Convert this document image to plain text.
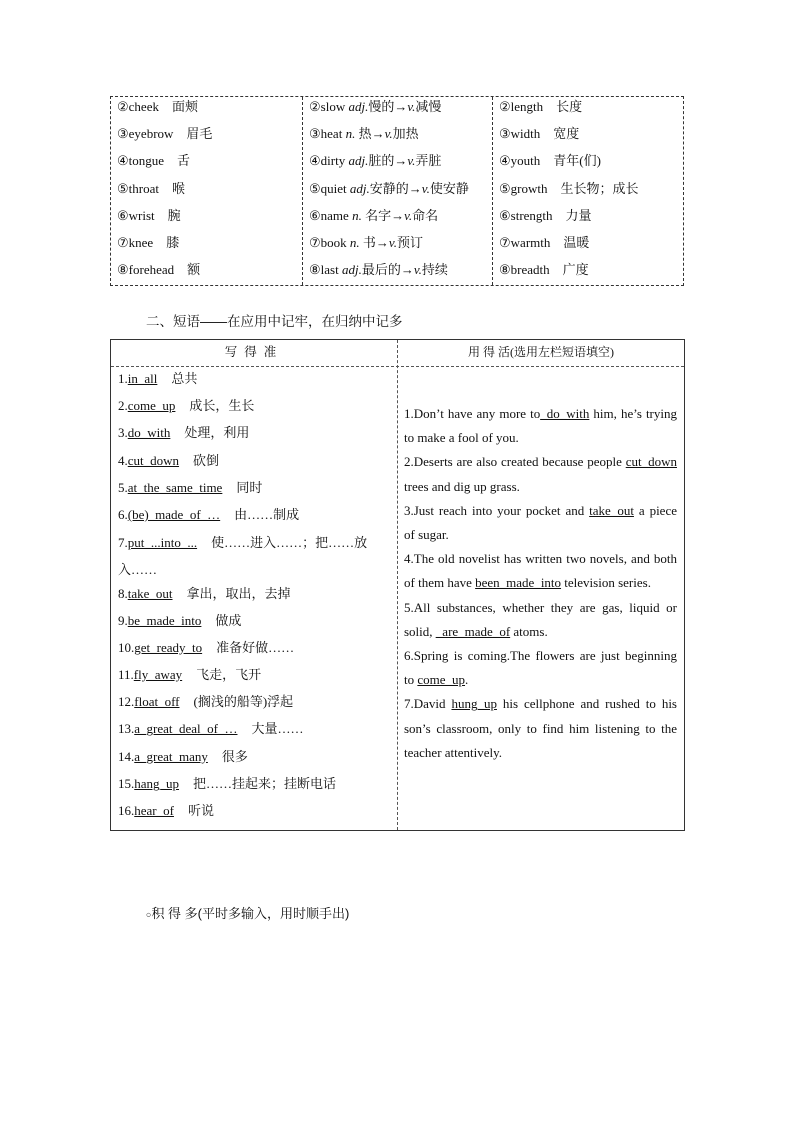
②cheek　面颊
③eyebrow　眉毛
④tongue　舌
⑤throat　喉
⑥wrist　腕
⑦knee　膝
⑧forehead　额
②slow adj.慢的→v.减慢
③heat n. 热→v.加热
④dirty adj.脏的→v.弄脏
⑤quiet adj.安静的→v.使安静
⑥name n. 名字→v.命名
⑦book n. 书→v.预订
⑧last adj.最后的→v.持续
②length　长度
③width　宽度
④youth　青年(们)
⑤growth　生长物；成长
⑥strength　力量
⑦warmth　温暖
⑧breadth　广度
二、短语——在应用中记牢，在归纳中记多
写得准	用 得 活(选用左栏短语填空)
1.in_all 总共
2.come_up 成长，生长
3.do_with 处理，利用
4.cut_down 砍倒
5.at_the_same_time 同时
6.(be)_made_of_… 由……制成
7.put_...into_... 使……进入……；把……放入……
8.take_out 拿出，取出，去掉
9.be_made_into 做成
10.get_ready_to 准备好做……
11.fly_away 飞走，飞开
12.float_off (搁浅的船等)浮起
13.a_great_deal_of_… 大量……
14.a_great_many 很多
15.hang_up 把……挂起来；挂断电话
16.hear_of 听说
1.Don’t have any more to_do_with him, he’s trying to make a fool of you.
2.Deserts are also created because people cut_down trees and dig up grass.
3.Just reach into your pocket and take_out a piece of sugar.
4.The old novelist has written two novels, and both of them have been_made_into television series.
5.All substances, whether they are gas, liquid or solid, _are_made_of atoms.
6.Spring is coming.The flowers are just beginning to come_up.
7.David hung_up his cellphone and rushed to his son’s classroom, only to find him listening to the teacher attentively.
○积 得 多(平时多输入，用时顺手出)
